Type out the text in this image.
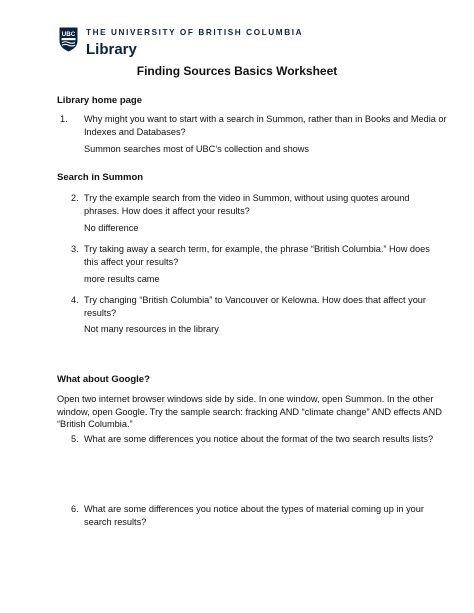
UBC THE UNIVERSITY OF BRITISH COLUMBIA
Library
Finding Sources Basics Worksheet
Library home page
1. Why might you want to start with a search in Summon, rather than in Books and Media or
Indexes and Databases?
Summon searches most of UBC’s collection and shows
Search in Summon
2. Try the example search from the video in Summon, without using quotes around
phrases. How does it affect your results?
No difference
3. Try taking away a search term, for example, the phrase “British Columbia.” How does
this affect your results?
more results came
4. Try changing “British Columbia” to Vancouver or Kelowna. How does that affect your
results?
Not many resources in the library
What about Google?
Open two internet browser windows side by side. In one window, open Summon. In the other
window, open Google. Try the sample search: fracking AND “climate change” AND effects AND
“British Columbia.”
5. What are some differences you notice about the format of the two search results lists?
6. What are some differences you notice about the types of material coming up in your
search results?
